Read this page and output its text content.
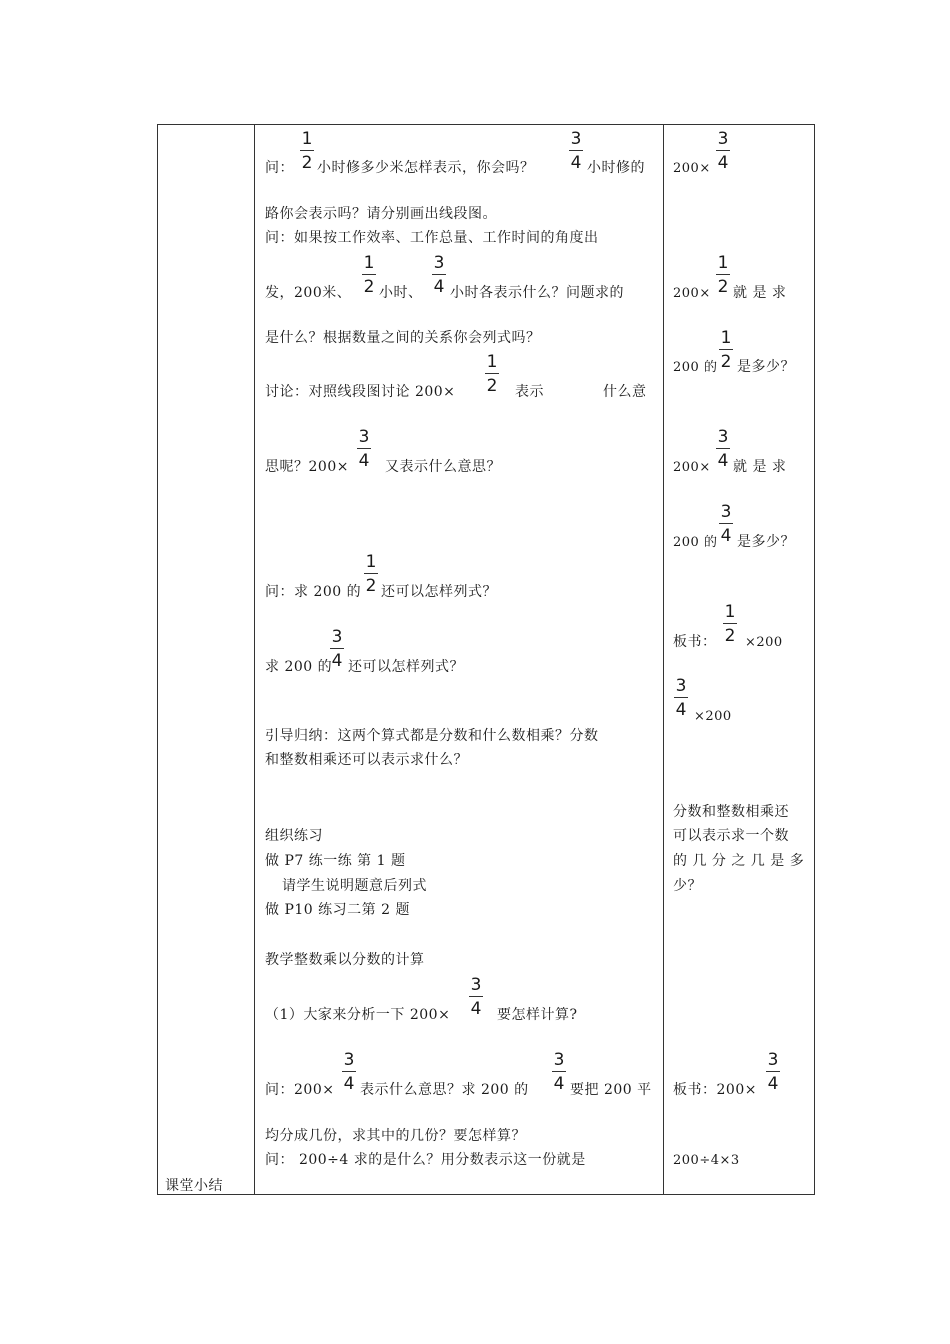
课堂小结
问：
1
2 小时修多少米怎样表示，你会吗？
3
4 小时修的
路你会表示吗？请分别画出线段图。
问：如果按工作效率、工作总量、工作时间的角度出
发，200米、
1
2 小时、
3
4 小时各表示什么？问题求的
是什么？根据数量之间的关系你会列式吗？
讨论：对照线段图讨论 200×
1
2 表示	什么意
思呢？200×
3
4 又表示什么意思？
问：求 200 的
1
2 还可以怎样列式？
求 200 的
3
4 还可以怎样列式？
引导归纳：这两个算式都是分数和什么数相乘？分数
和整数相乘还可以表示求什么？
组织练习
做 P7 练一练 第 1 题
请学生说明题意后列式
做 P10 练习二第 2 题
教学整数乘以分数的计算
（1）大家来分析一下 200×
3
4 要怎样计算?
问：200×
3
4 表示什么意思？求 200 的
3
4 要把 200 平
均分成几份，求其中的几份？要怎样算？
问： 200÷4 求的是什么？用分数表示这一份就是
200×
3
4
200×
1
2 就 是 求
200 的
1
2 是多少？
200×
3
4 就 是 求
200 的
3
4 是多少？
板书：
1
2 ×200
3
4 ×200
分数和整数相乘还
可以表示求一个数
的 几 分 之 几 是 多
少？
板书：200×
3
4
200÷4×3
